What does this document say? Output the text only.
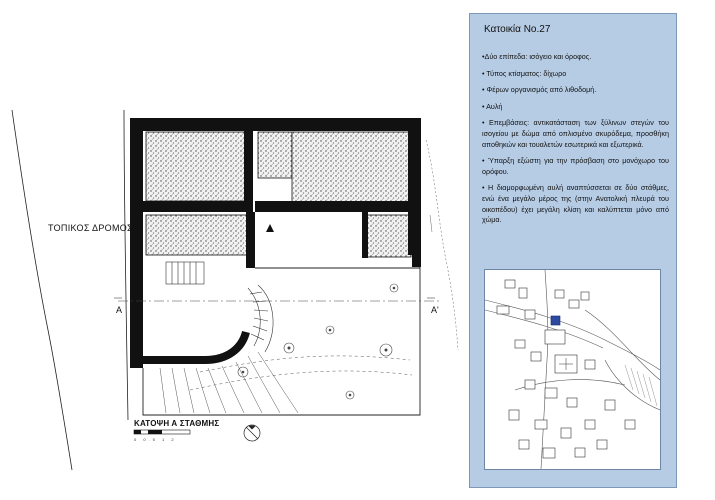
ΤΟΠΙΚΟΣ ΔΡΟΜΟΣ
A	A'
ΚΑΤΟΨΗ Α ΣΤΑΘΜΗΣ
0 0.5 1 2
Κατοικία Νο.27
•Δύο επίπεδα: ισόγειο και όροφος.
• Τύπος κτίσματος: δίχωρο
• Φέρων οργανισμός από λιθοδομή.
• Αυλή
• Επεμβάσεις: αντικατάσταση των ξύλινων στεγών του ισογείου με δώμα από οπλισμένο σκυρόδεμα, προσθήκη αποθηκών και τουαλετών εσωτερικά και εξωτερικά.
• Ύπαρξη εξώστη για την πρόσβαση στο μονόχωρο του ορόφου.
• Η διαμορφωμένη αυλή αναπτύσσεται σε δύο στάθμες, ενώ ένα μεγάλο μέρος της (στην Ανατολική πλευρά του οικοπέδου) έχει μεγάλη κλίση και καλύπτεται μόνο από χώμα.
